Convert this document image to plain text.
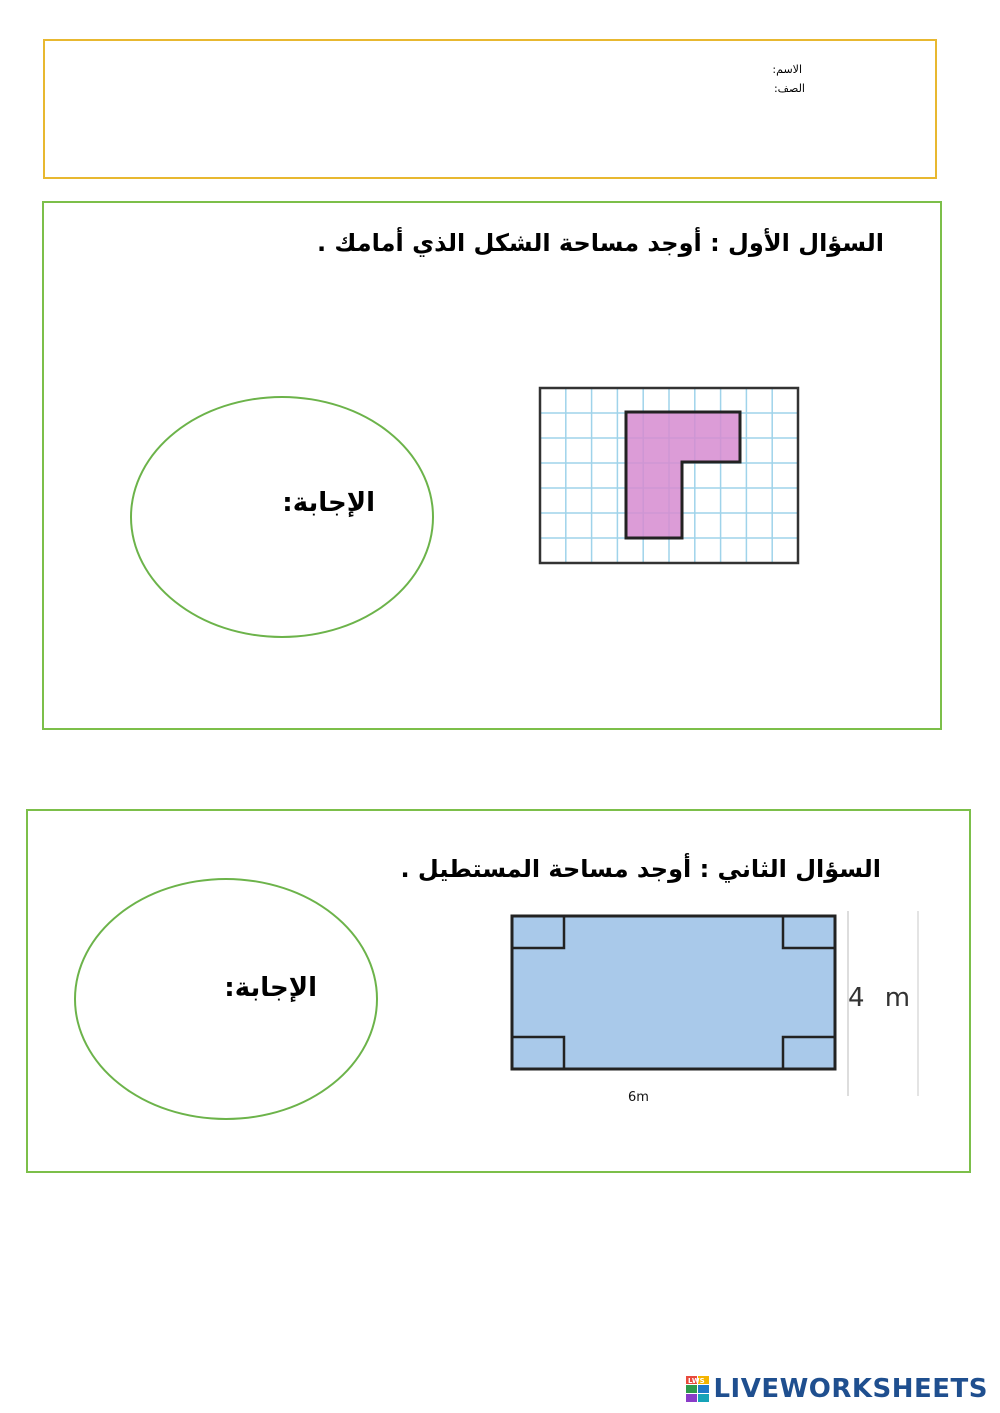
الاسم:
الصف:
السؤال الأول : أوجد مساحة الشكل الذي أمامك .
الإجابة:
السؤال الثاني : أوجد مساحة المستطيل .
الإجابة:	4 m
6m
LWS LIVEWORKSHEETS
